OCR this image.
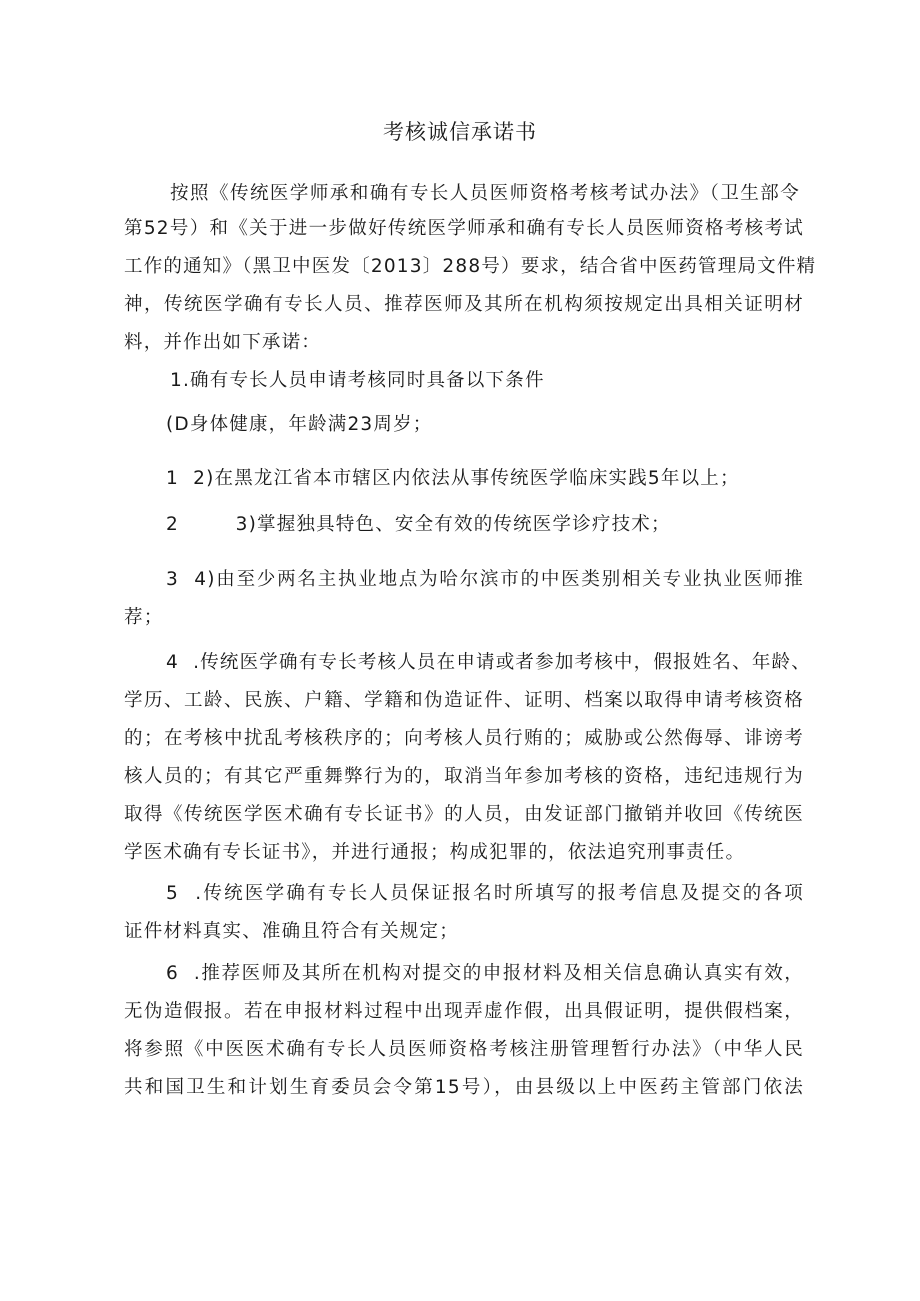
考核诚信承诺书
按照《传统医学师承和确有专长人员医师资格考核考试办法》（卫生部令
第52号）和《关于进一步做好传统医学师承和确有专长人员医师资格考核考试
工作的通知》（黑卫中医发〔2013〕288号）要求，结合省中医药管理局文件精
神，传统医学确有专长人员、推荐医师及其所在机构须按规定出具相关证明材
料，并作出如下承诺：
1.确有专长人员申请考核同时具备以下条件
(D身体健康，年龄满23周岁；
1  2)在黑龙江省本市辖区内依法从事传统医学临床实践5年以上；
2        3)掌握独具特色、安全有效的传统医学诊疗技术；
3  4)由至少两名主执业地点为哈尔滨市的中医类别相关专业执业医师推
荐；
4  .传统医学确有专长考核人员在申请或者参加考核中，假报姓名、年龄、
学历、工龄、民族、户籍、学籍和伪造证件、证明、档案以取得申请考核资格
的；在考核中扰乱考核秩序的；向考核人员行贿的；威胁或公然侮辱、诽谤考
核人员的；有其它严重舞弊行为的，取消当年参加考核的资格，违纪违规行为
取得《传统医学医术确有专长证书》的人员，由发证部门撤销并收回《传统医
学医术确有专长证书》，并进行通报；构成犯罪的，依法追究刑事责任。
5  .传统医学确有专长人员保证报名时所填写的报考信息及提交的各项
证件材料真实、准确且符合有关规定；
6  .推荐医师及其所在机构对提交的申报材料及相关信息确认真实有效，
无伪造假报。若在申报材料过程中出现弄虚作假，出具假证明，提供假档案，
将参照《中医医术确有专长人员医师资格考核注册管理暂行办法》（中华人民
共和国卫生和计划生育委员会令第15号），由县级以上中医药主管部门依法
